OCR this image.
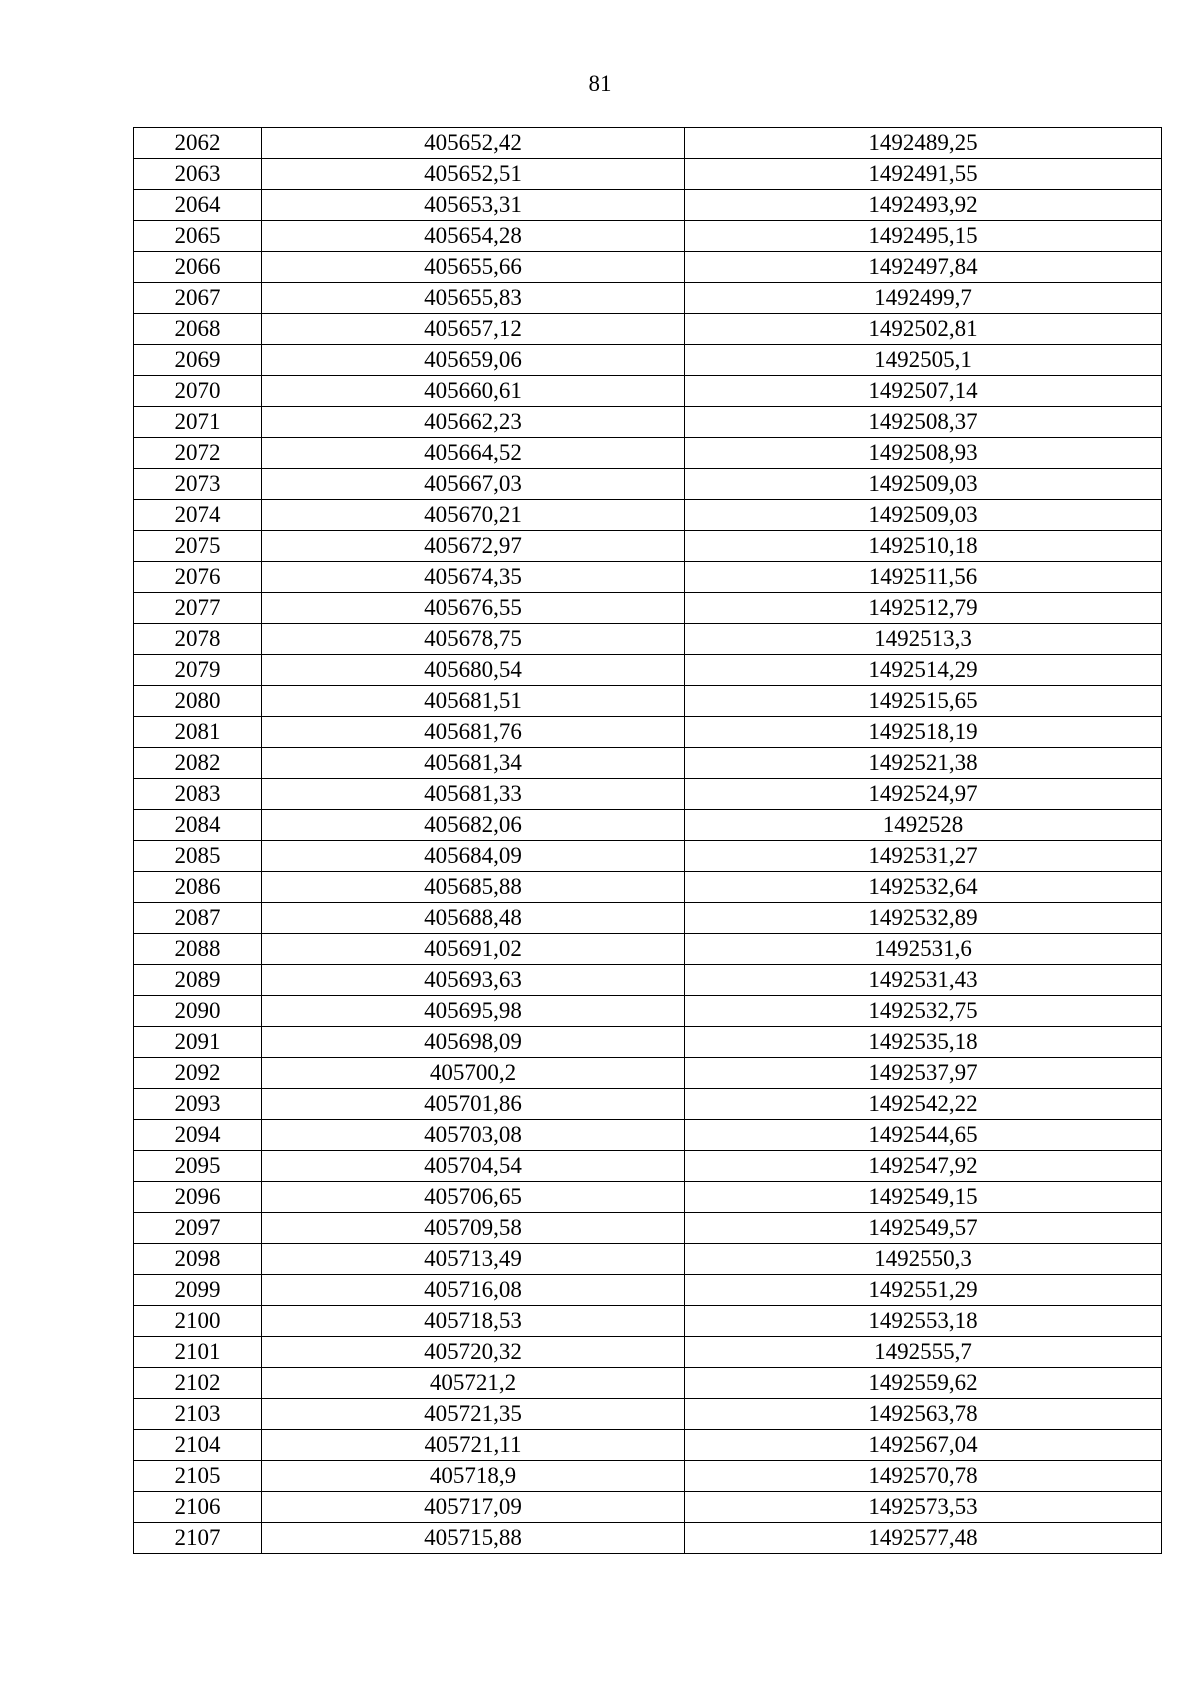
81
2062	405652,42	1492489,25
2063	405652,51	1492491,55
2064	405653,31	1492493,92
2065	405654,28	1492495,15
2066	405655,66	1492497,84
2067	405655,83	1492499,7
2068	405657,12	1492502,81
2069	405659,06	1492505,1
2070	405660,61	1492507,14
2071	405662,23	1492508,37
2072	405664,52	1492508,93
2073	405667,03	1492509,03
2074	405670,21	1492509,03
2075	405672,97	1492510,18
2076	405674,35	1492511,56
2077	405676,55	1492512,79
2078	405678,75	1492513,3
2079	405680,54	1492514,29
2080	405681,51	1492515,65
2081	405681,76	1492518,19
2082	405681,34	1492521,38
2083	405681,33	1492524,97
2084	405682,06	1492528
2085	405684,09	1492531,27
2086	405685,88	1492532,64
2087	405688,48	1492532,89
2088	405691,02	1492531,6
2089	405693,63	1492531,43
2090	405695,98	1492532,75
2091	405698,09	1492535,18
2092	405700,2	1492537,97
2093	405701,86	1492542,22
2094	405703,08	1492544,65
2095	405704,54	1492547,92
2096	405706,65	1492549,15
2097	405709,58	1492549,57
2098	405713,49	1492550,3
2099	405716,08	1492551,29
2100	405718,53	1492553,18
2101	405720,32	1492555,7
2102	405721,2	1492559,62
2103	405721,35	1492563,78
2104	405721,11	1492567,04
2105	405718,9	1492570,78
2106	405717,09	1492573,53
2107	405715,88	1492577,48
